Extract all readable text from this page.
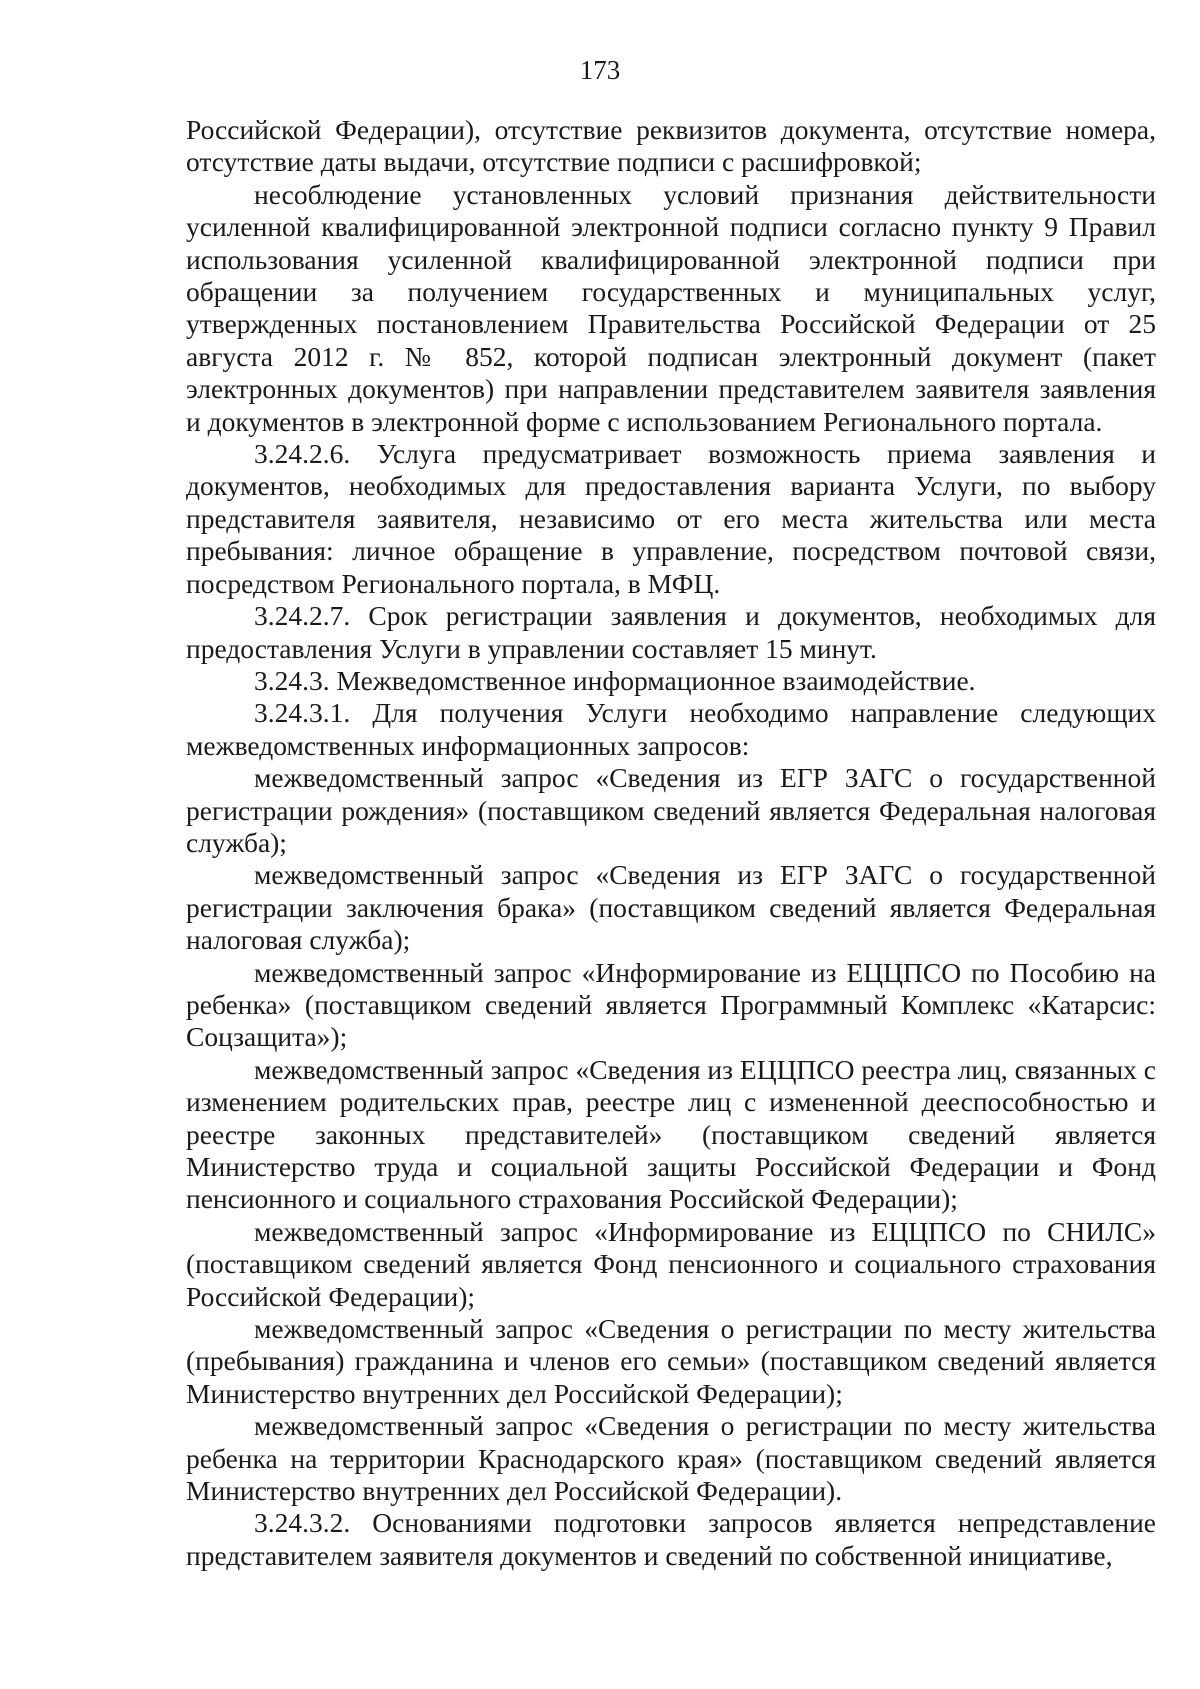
173

Российской Федерации), отсутствие реквизитов документа, отсутствие номера, отсутствие даты выдачи, отсутствие подписи с расшифровкой;

несоблюдение установленных условий признания действительности усиленной квалифицированной электронной подписи согласно пункту 9 Правил использования усиленной квалифицированной электронной подписи при обращении за получением государственных и муниципальных услуг, утвержденных постановлением Правительства Российской Федерации от 25 августа 2012 г. № 852, которой подписан электронный документ (пакет электронных документов) при направлении представителем заявителя заявления и документов в электронной форме с использованием Регионального портала.

3.24.2.6. Услуга предусматривает возможность приема заявления и документов, необходимых для предоставления варианта Услуги, по выбору представителя заявителя, независимо от его места жительства или места пребывания: личное обращение в управление, посредством почтовой связи, посредством Регионального портала, в МФЦ.

3.24.2.7. Срок регистрации заявления и документов, необходимых для предоставления Услуги в управлении составляет 15 минут.

3.24.3. Межведомственное информационное взаимодействие.

3.24.3.1. Для получения Услуги необходимо направление следующих межведомственных информационных запросов:

межведомственный запрос «Сведения из ЕГР ЗАГС о государственной регистрации рождения» (поставщиком сведений является Федеральная налоговая служба);

межведомственный запрос «Сведения из ЕГР ЗАГС о государственной регистрации заключения брака» (поставщиком сведений является Федеральная налоговая служба);

межведомственный запрос «Информирование из ЕЦЦПСО по Пособию на ребенка» (поставщиком сведений является Программный Комплекс «Катарсис: Соцзащита»);

межведомственный запрос «Сведения из ЕЦЦПСО реестра лиц, связанных с изменением родительских прав, реестре лиц с измененной дееспособностью и реестре законных представителей» (поставщиком сведений является Министерство труда и социальной защиты Российской Федерации и Фонд пенсионного и социального страхования Российской Федерации);

межведомственный запрос «Информирование из ЕЦЦПСО по СНИЛС» (поставщиком сведений является Фонд пенсионного и социального страхования Российской Федерации);

межведомственный запрос «Сведения о регистрации по месту жительства (пребывания) гражданина и членов его семьи» (поставщиком сведений является Министерство внутренних дел Российской Федерации);

межведомственный запрос «Сведения о регистрации по месту жительства ребенка на территории Краснодарского края» (поставщиком сведений является Министерство внутренних дел Российской Федерации).

3.24.3.2. Основаниями подготовки запросов является непредставление представителем заявителя документов и сведений по собственной инициативе,
